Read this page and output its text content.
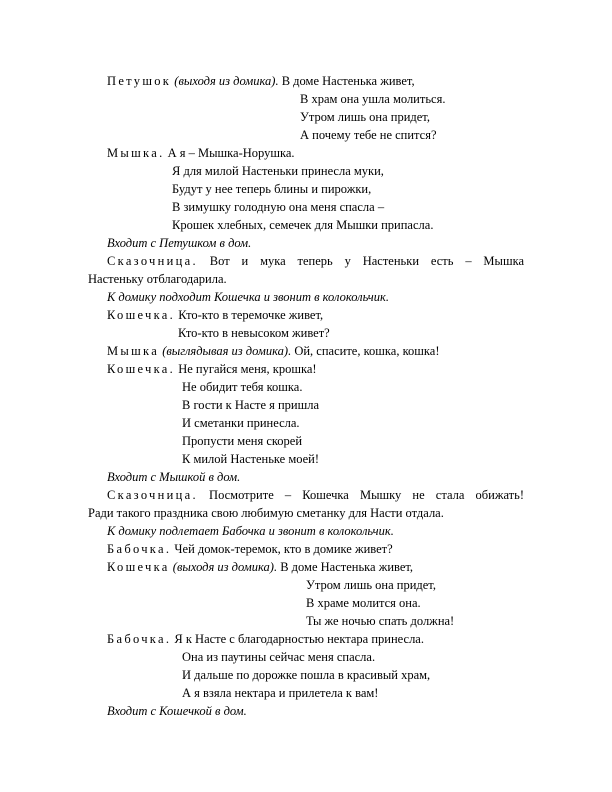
Петушок (выходя из домика). В доме Настенька живет,
В храм она ушла молиться.
Утром лишь она придет,
А почему тебе не спится?
Мышка. А я – Мышка-Норушка.
Я для милой Настеньки принесла муки,
Будут у нее теперь блины и пирожки,
В зимушку голодную она меня спасла –
Крошек хлебных, семечек для Мышки припасла.
Входит с Петушком в дом.
Сказочница. Вот и мука теперь у Настеньки есть – Мышка
Настеньку отблагодарила.
К домику подходит Кошечка и звонит в колокольчик.
Кошечка. Кто-кто в теремочке живет,
Кто-кто в невысоком живет?
Мышка (выглядывая из домика). Ой, спасите, кошка, кошка!
Кошечка. Не пугайся меня, крошка!
Не обидит тебя кошка.
В гости к Насте я пришла
И сметанки принесла.
Пропусти меня скорей
К милой Настеньке моей!
Входит с Мышкой в дом.
Сказочница. Посмотрите – Кошечка Мышку не стала обижать!
Ради такого праздника свою любимую сметанку для Насти отдала.
К домику подлетает Бабочка и звонит в колокольчик.
Бабочка. Чей домок-теремок, кто в домике живет?
Кошечка (выходя из домика). В доме Настенька живет,
Утром лишь она придет,
В храме молится она.
Ты же ночью спать должна!
Бабочка. Я к Насте с благодарностью нектара принесла.
Она из паутины сейчас меня спасла.
И дальше по дорожке пошла в красивый храм,
А я взяла нектара и прилетела к вам!
Входит с Кошечкой в дом.
